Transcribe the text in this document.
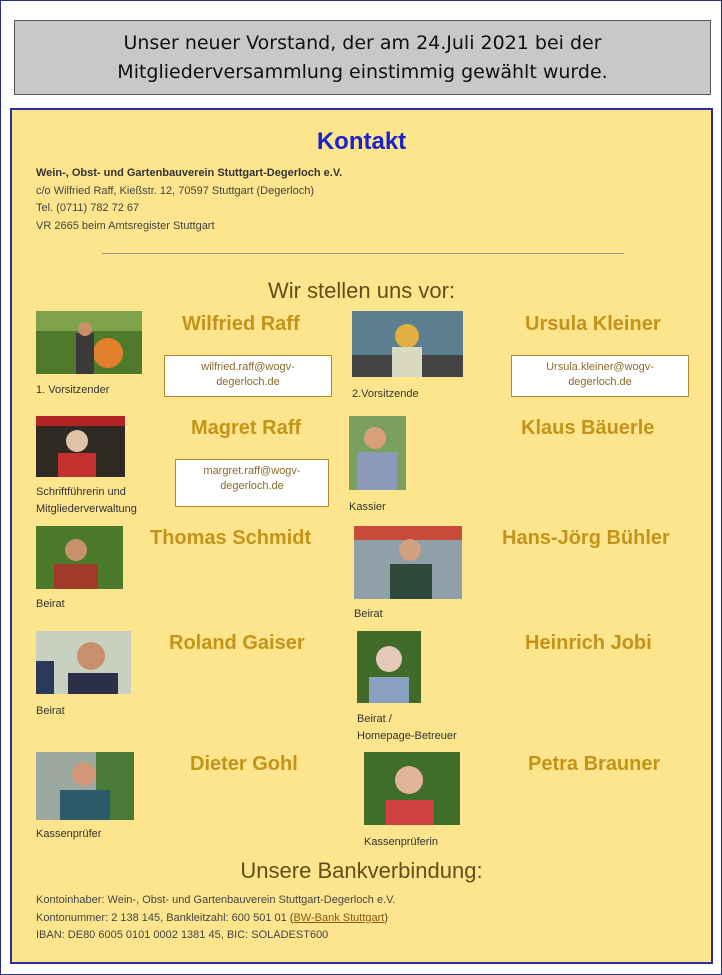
Unser neuer Vorstand, der am 24.Juli 2021 bei der
Mitgliederversammlung einstimmig gewählt wurde.
Kontakt
Wein-, Obst- und Gartenbauverein Stuttgart-Degerloch e.V.
c/o Wilfried Raff, Kießstr. 12, 70597 Stuttgart (Degerloch)
Tel. (0711) 782 72 67
VR 2665 beim Amtsregister Stuttgart
Wir stellen uns vor:
Wilfried Raff
1. Vorsitzender
wilfried.raff@wogv-
degerloch.de
Ursula Kleiner
2.Vorsitzende
Ursula.kleiner@wogv-
degerloch.de
Magret Raff
Schriftführerin und
Mitgliederverwaltung
margret.raff@wogv-
degerloch.de
Klaus Bäuerle
Kassier
Thomas Schmidt
Beirat
Hans-Jörg Bühler
Beirat
Roland Gaiser
Beirat
Heinrich Jobi
Beirat /
Homepage-Betreuer
Dieter Gohl
Kassenprüfer
Petra Brauner
Kassenprüferin
Unsere Bankverbindung:
Kontoinhaber: Wein-, Obst- und Gartenbauverein Stuttgart-Degerloch e.V.
Kontonummer: 2 138 145, Bankleitzahl: 600 501 01 (BW-Bank Stuttgart)
IBAN: DE80 6005 0101 0002 1381 45, BIC: SOLADEST600
